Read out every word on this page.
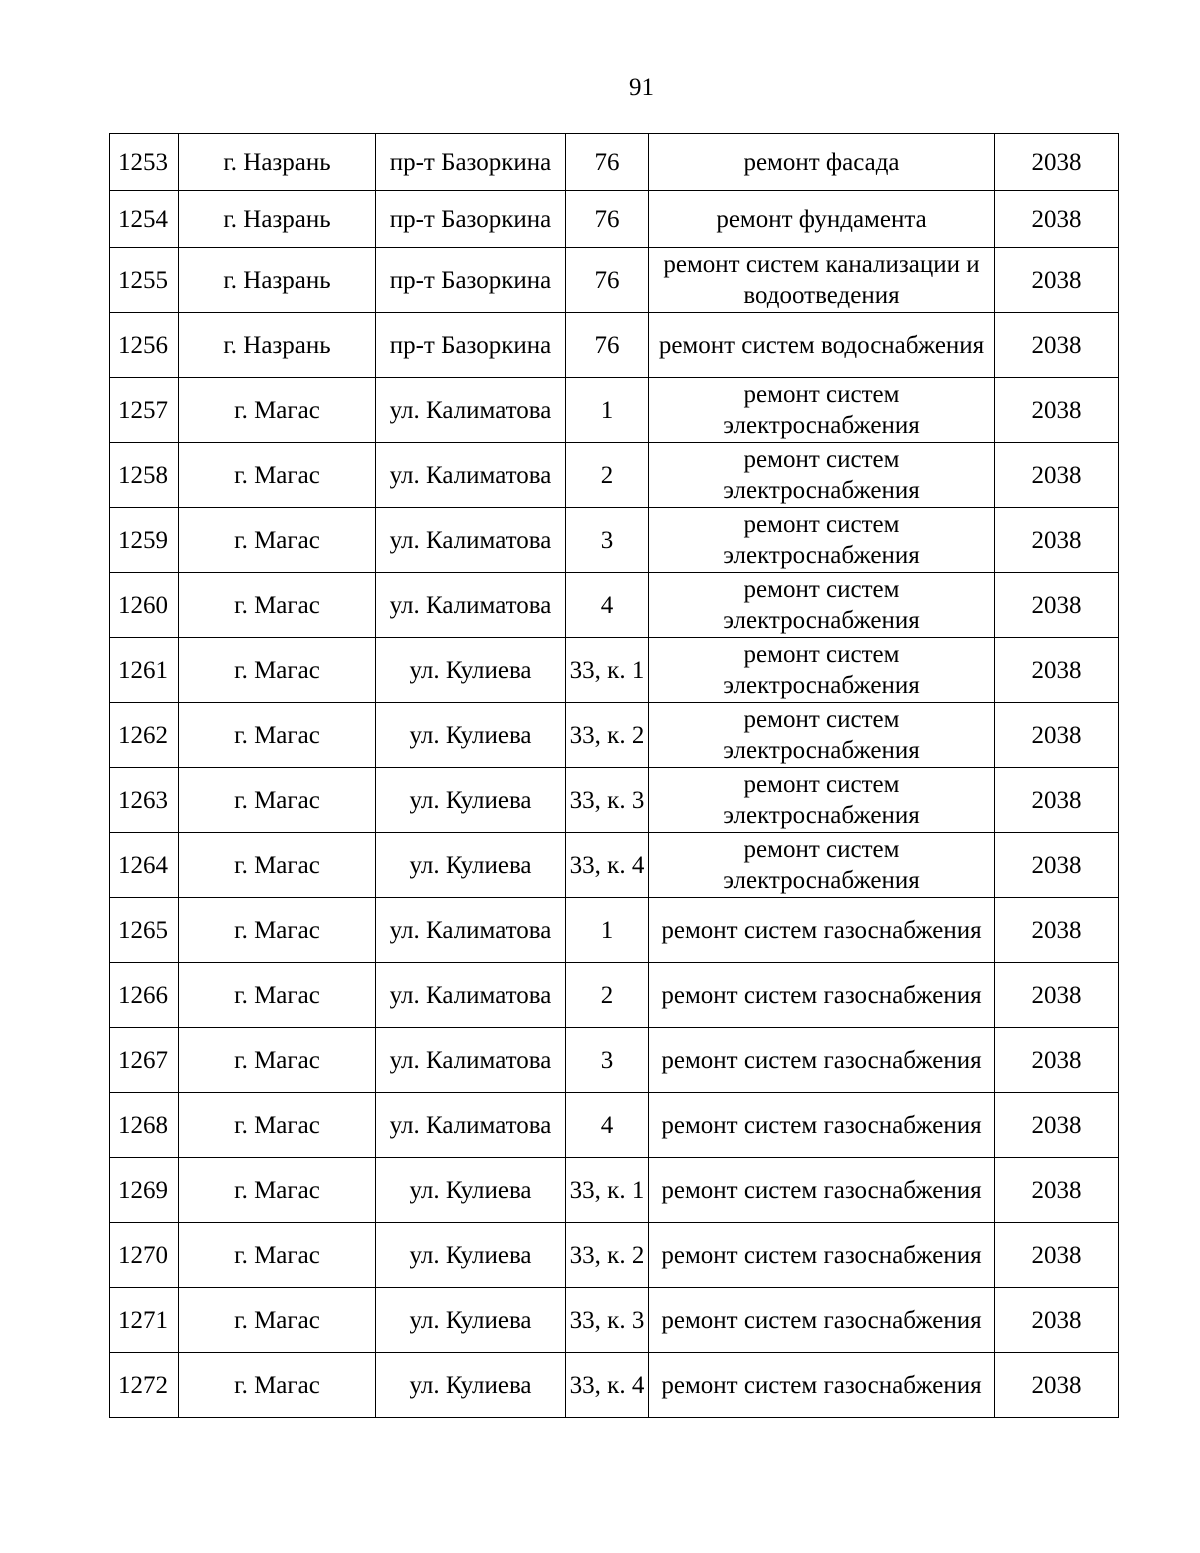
91
1253	г. Назрань	пр-т Базоркина	76	ремонт фасада	2038
1254	г. Назрань	пр-т Базоркина	76	ремонт фундамента	2038
1255	г. Назрань	пр-т Базоркина	76	ремонт систем канализации и водоотведения	2038
1256	г. Назрань	пр-т Базоркина	76	ремонт систем водоснабжения	2038
1257	г. Магас	ул. Калиматова	1	ремонт систем электроснабжения	2038
1258	г. Магас	ул. Калиматова	2	ремонт систем электроснабжения	2038
1259	г. Магас	ул. Калиматова	3	ремонт систем электроснабжения	2038
1260	г. Магас	ул. Калиматова	4	ремонт систем электроснабжения	2038
1261	г. Магас	ул. Кулиева	33, к. 1	ремонт систем электроснабжения	2038
1262	г. Магас	ул. Кулиева	33, к. 2	ремонт систем электроснабжения	2038
1263	г. Магас	ул. Кулиева	33, к. 3	ремонт систем электроснабжения	2038
1264	г. Магас	ул. Кулиева	33, к. 4	ремонт систем электроснабжения	2038
1265	г. Магас	ул. Калиматова	1	ремонт систем газоснабжения	2038
1266	г. Магас	ул. Калиматова	2	ремонт систем газоснабжения	2038
1267	г. Магас	ул. Калиматова	3	ремонт систем газоснабжения	2038
1268	г. Магас	ул. Калиматова	4	ремонт систем газоснабжения	2038
1269	г. Магас	ул. Кулиева	33, к. 1	ремонт систем газоснабжения	2038
1270	г. Магас	ул. Кулиева	33, к. 2	ремонт систем газоснабжения	2038
1271	г. Магас	ул. Кулиева	33, к. 3	ремонт систем газоснабжения	2038
1272	г. Магас	ул. Кулиева	33, к. 4	ремонт систем газоснабжения	2038
